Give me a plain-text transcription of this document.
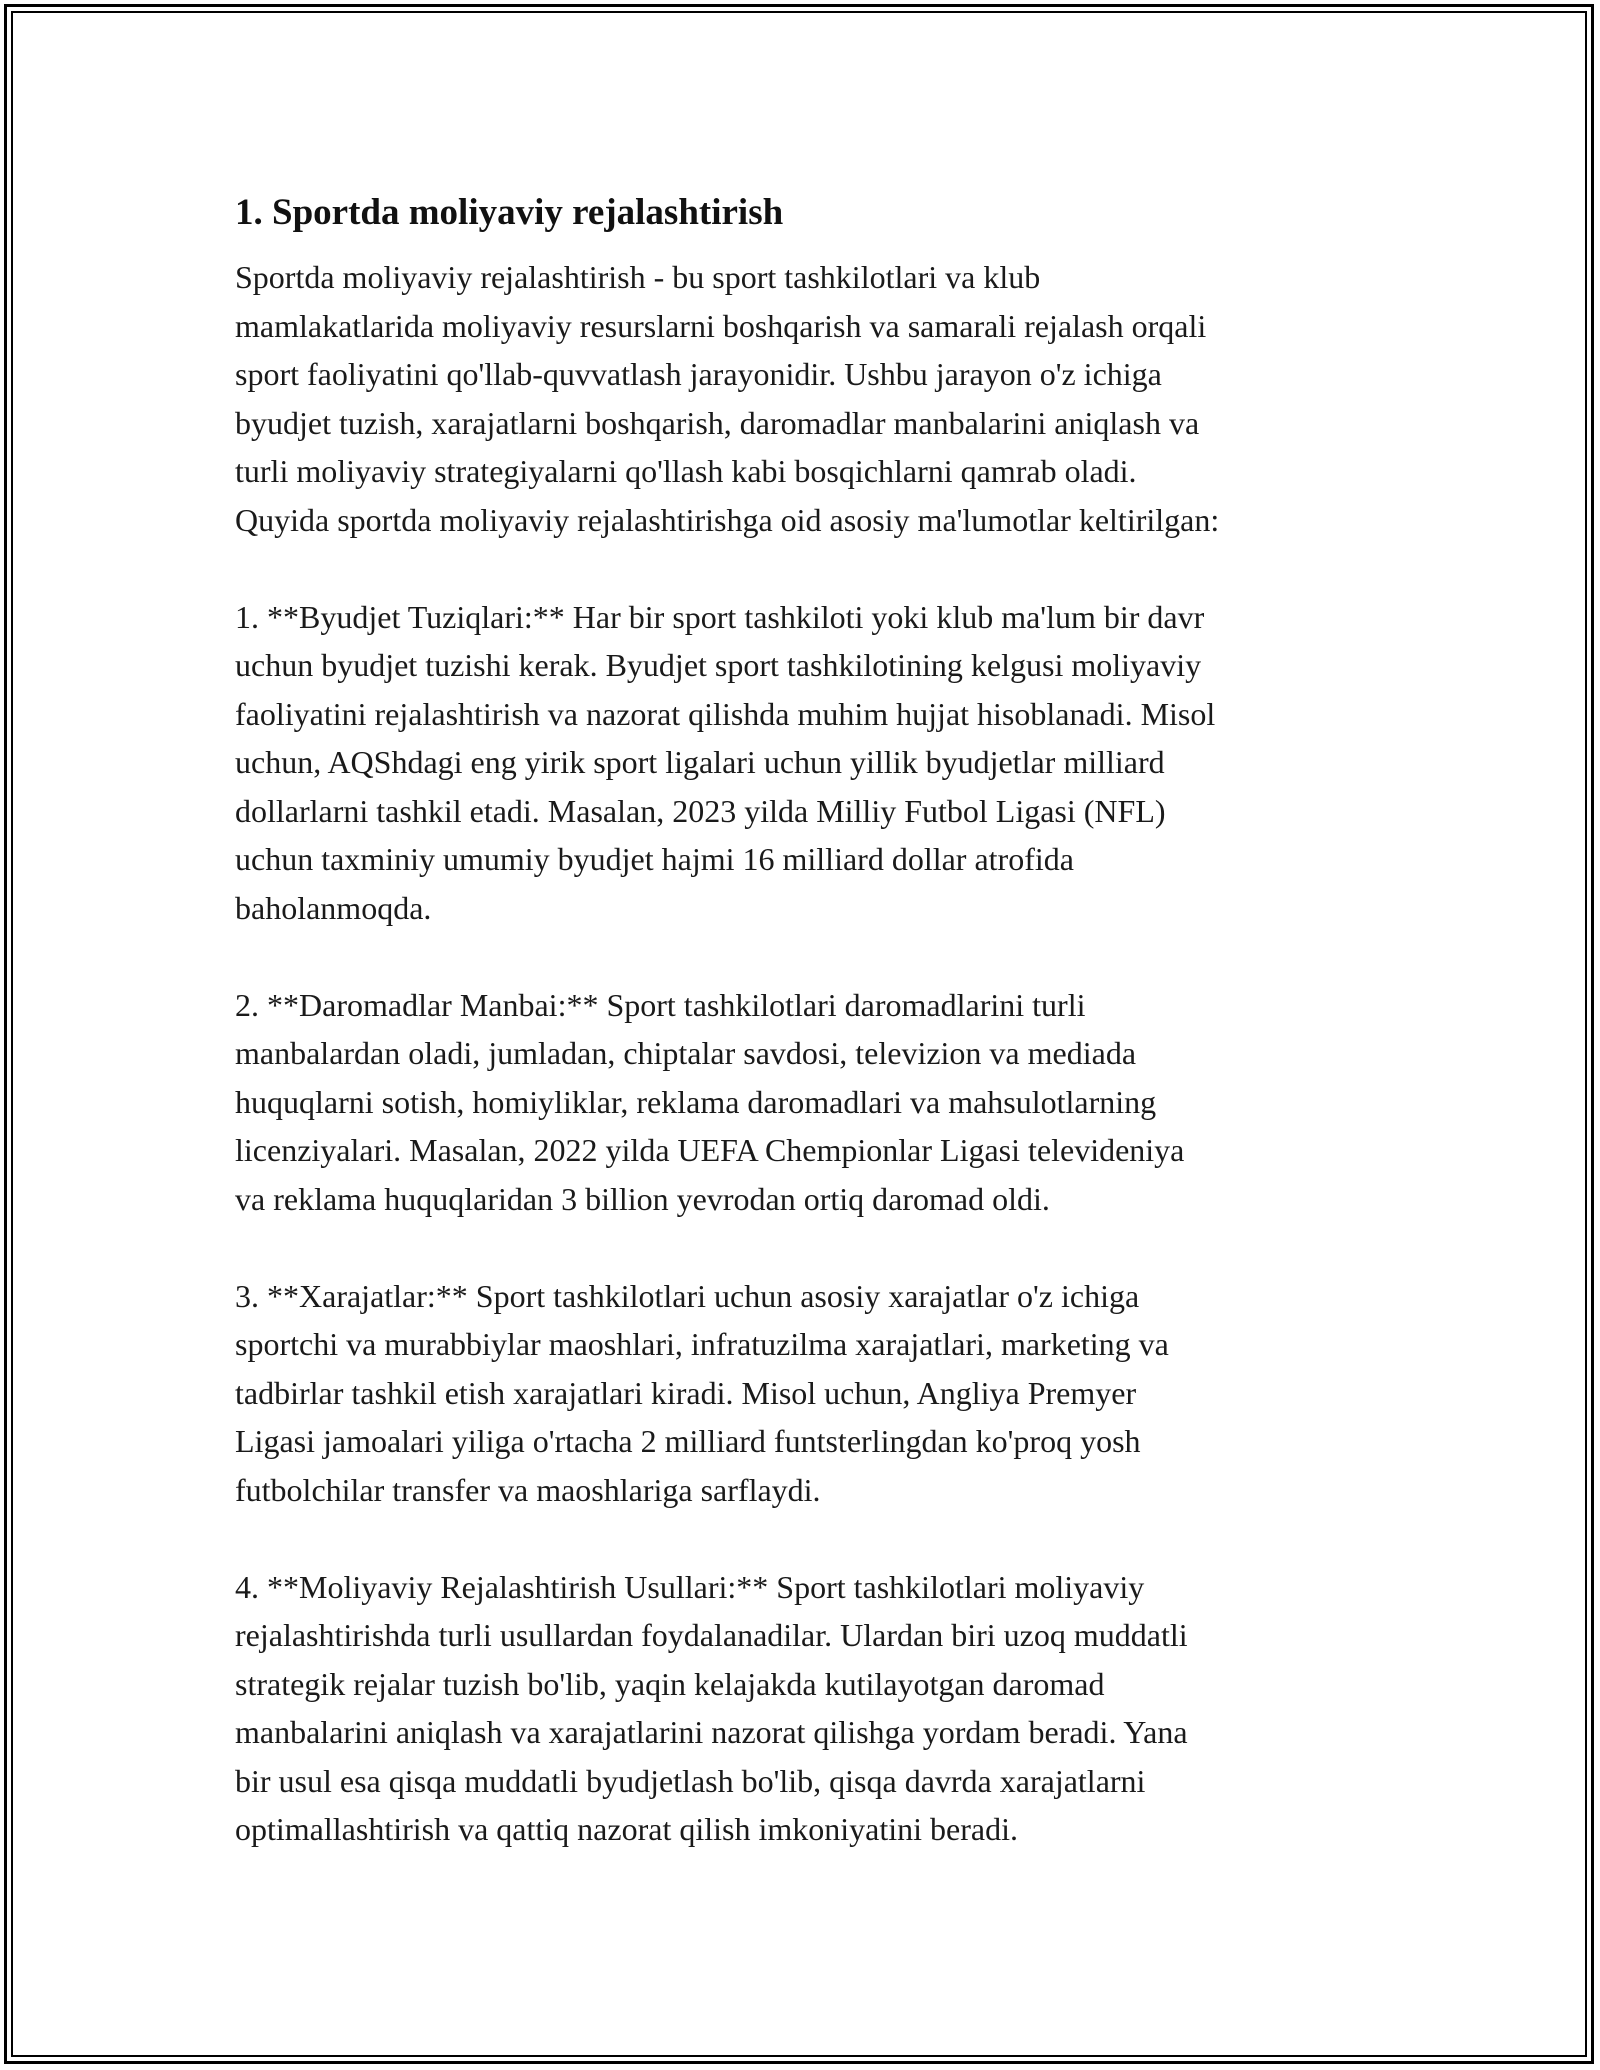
1. Sportda moliyaviy rejalashtirish

Sportda moliyaviy rejalashtirish - bu sport tashkilotlari va klub
mamlakatlarida moliyaviy resurslarni boshqarish va samarali rejalash orqali
sport faoliyatini qo'llab-quvvatlash jarayonidir. Ushbu jarayon o'z ichiga
byudjet tuzish, xarajatlarni boshqarish, daromadlar manbalarini aniqlash va
turli moliyaviy strategiyalarni qo'llash kabi bosqichlarni qamrab oladi.
Quyida sportda moliyaviy rejalashtirishga oid asosiy ma'lumotlar keltirilgan:

1. **Byudjet Tuziqlari:** Har bir sport tashkiloti yoki klub ma'lum bir davr
uchun byudjet tuzishi kerak. Byudjet sport tashkilotining kelgusi moliyaviy
faoliyatini rejalashtirish va nazorat qilishda muhim hujjat hisoblanadi. Misol
uchun, AQShdagi eng yirik sport ligalari uchun yillik byudjetlar milliard
dollarlarni tashkil etadi. Masalan, 2023 yilda Milliy Futbol Ligasi (NFL)
uchun taxminiy umumiy byudjet hajmi 16 milliard dollar atrofida
baholanmoqda.

2. **Daromadlar Manbai:** Sport tashkilotlari daromadlarini turli
manbalardan oladi, jumladan, chiptalar savdosi, televizion va mediada
huquqlarni sotish, homiyliklar, reklama daromadlari va mahsulotlarning
licenziyalari. Masalan, 2022 yilda UEFA Chempionlar Ligasi televideniya
va reklama huquqlaridan 3 billion yevrodan ortiq daromad oldi.

3. **Xarajatlar:** Sport tashkilotlari uchun asosiy xarajatlar o'z ichiga
sportchi va murabbiylar maoshlari, infratuzilma xarajatlari, marketing va
tadbirlar tashkil etish xarajatlari kiradi. Misol uchun, Angliya Premyer
Ligasi jamoalari yiliga o'rtacha 2 milliard funtsterlingdan ko'proq yosh
futbolchilar transfer va maoshlariga sarflaydi.

4. **Moliyaviy Rejalashtirish Usullari:** Sport tashkilotlari moliyaviy
rejalashtirishda turli usullardan foydalanadilar. Ulardan biri uzoq muddatli
strategik rejalar tuzish bo'lib, yaqin kelajakda kutilayotgan daromad
manbalarini aniqlash va xarajatlarini nazorat qilishga yordam beradi. Yana
bir usul esa qisqa muddatli byudjetlash bo'lib, qisqa davrda xarajatlarni
optimallashtirish va qattiq nazorat qilish imkoniyatini beradi.
